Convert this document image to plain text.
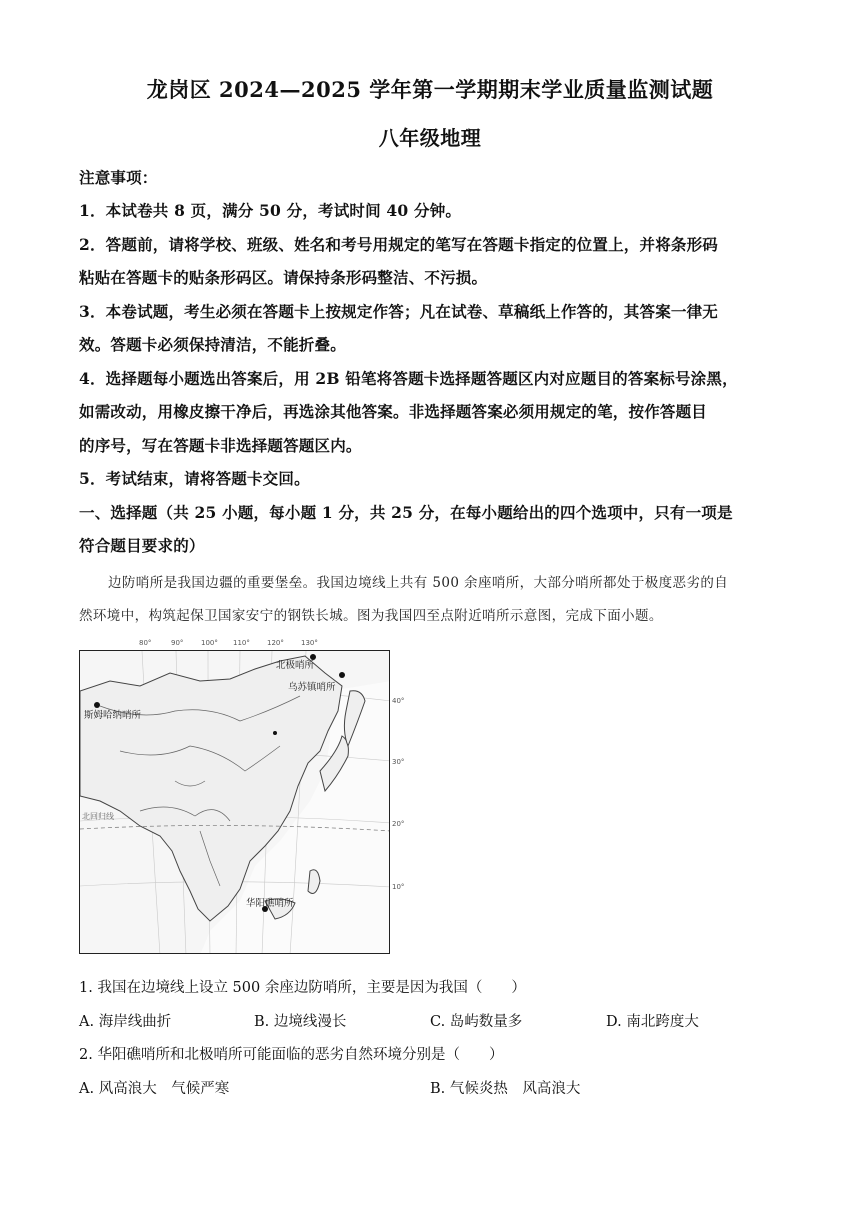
龙岗区 2024—2025 学年第一学期期末学业质量监测试题
八年级地理
注意事项：
1．本试卷共 8 页，满分 50 分，考试时间 40 分钟。
2．答题前，请将学校、班级、姓名和考号用规定的笔写在答题卡指定的位置上，并将条形码
粘贴在答题卡的贴条形码区。请保持条形码整洁、不污损。
3．本卷试题，考生必须在答题卡上按规定作答；凡在试卷、草稿纸上作答的，其答案一律无
效。答题卡必须保持清洁，不能折叠。
4．选择题每小题选出答案后，用 2B 铅笔将答题卡选择题答题区内对应题目的答案标号涂黑，
如需改动，用橡皮擦干净后，再选涂其他答案。非选择题答案必须用规定的笔，按作答题目
的序号，写在答题卡非选择题答题区内。
5．考试结束，请将答题卡交回。
一、选择题（共 25 小题，每小题 1 分，共 25 分，在每小题给出的四个选项中，只有一项是
符合题目要求的）
边防哨所是我国边疆的重要堡垒。我国边境线上共有 500 余座哨所，大部分哨所都处于极度恶劣的自
然环境中，构筑起保卫国家安宁的钢铁长城。图为我国四至点附近哨所示意图，完成下面小题。
80°	90°	100° 110° 120° 130°
北极哨所
乌苏镇哨所
斯姆哈纳哨所
华阳礁哨所
北回归线
40°
30°
20°
10°
1. 我国在边境线上设立 500 余座边防哨所，主要是因为我国（　　）
A. 海岸线曲折	B. 边境线漫长	C. 岛屿数量多	D. 南北跨度大
2. 华阳礁哨所和北极哨所可能面临的恶劣自然环境分别是（　　）
A. 风高浪大　气候严寒	B. 气候炎热　风高浪大
